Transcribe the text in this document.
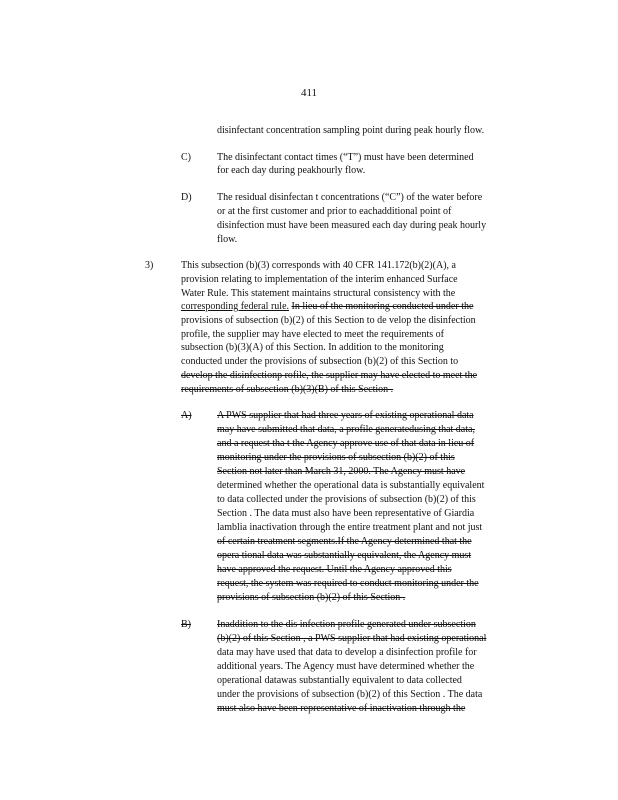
411
disinfectant concentration sampling point during peak hourly flow.
C)	The disinfectant contact times (“T”) must have been determined
for each day during peakhourly flow.
D)	The residual disinfectan t concentrations (“C”) of the water before
or at the first customer and prior to eachadditional point of
disinfection must have been measured each day during peak hourly
flow.
3)	This subsection (b)(3) corresponds with 40 CFR 141.172(b)(2)(A), a
provision relating to implementation of the interim enhanced Surface
Water Rule. This statement maintains structural consistency with the
corresponding federal rule. In lieu of the monitoring conducted under the
provisions of subsection (b)(2) of this Section to de velop the disinfection
profile, the supplier may have elected to meet the requirements of
subsection (b)(3)(A) of this Section. In addition to the monitoring
conducted under the provisions of subsection (b)(2) of this Section to
develop the disinfectionp rofile, the supplier may have elected to meet the
requirements of subsection (b)(3)(B) of this Section .
A)	A PWS supplier that had three years of existing operational data
may have submitted that data, a profile generatedusing that data,
and a request tha t the Agency approve use of that data in lieu of
monitoring under the provisions of subsection (b)(2) of this
Section not later than March 31, 2000. The Agency must have
determined whether the operational data is substantially equivalent
to data collected under the provisions of subsection (b)(2) of this
Section . The data must also have been representative of Giardia
lamblia inactivation through the entire treatment plant and not just
of certain treatment segments.If the Agency determined that the
opera tional data was substantially equivalent, the Agency must
have approved the request. Until the Agency approved this
request, the system was required to conduct monitoring under the
provisions of subsection (b)(2) of this Section .
B)	Inaddition to the dis infection profile generated under subsection
(b)(2) of this Section , a PWS supplier that had existing operational
data may have used that data to develop a disinfection profile for
additional years. The Agency must have determined whether the
operational datawas substantially equivalent to data collected
under the provisions of subsection (b)(2) of this Section . The data
must also have been representative of inactivation through the
